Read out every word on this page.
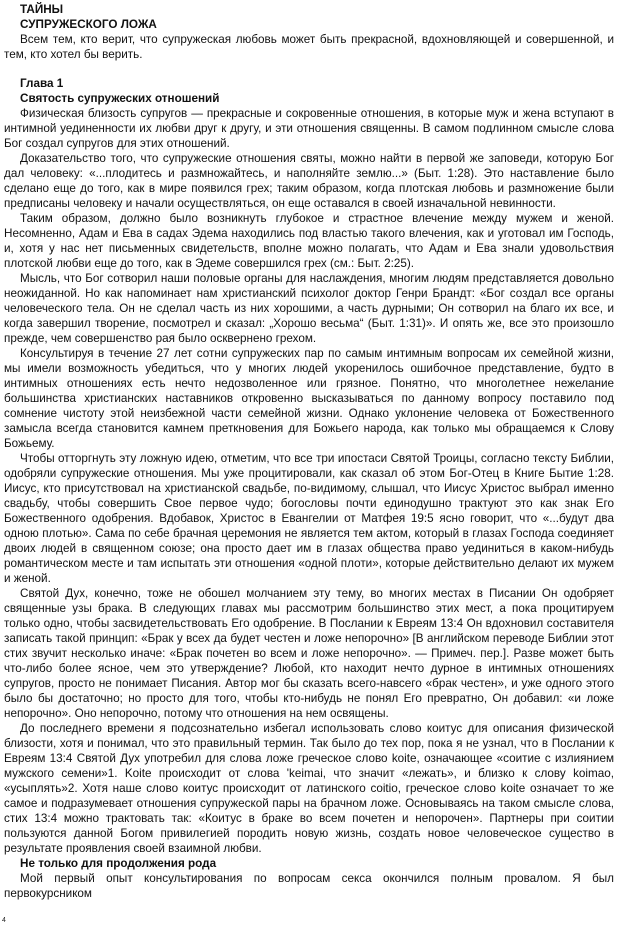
ТАЙНЫ
СУПРУЖЕСКОГО ЛОЖА

Всем тем, кто верит, что супружеская любовь может быть прекрасной, вдохновляющей и совершенной, и тем, кто хотел бы верить.

Глава 1
Святость супружеских отношений

Физическая близость супругов — прекрасные и сокровенные отношения, в которые муж и жена вступают в интимной уединенности их любви друг к другу, и эти отношения священны. В самом подлинном смысле слова Бог создал супругов для этих отношений.

Доказательство того, что супружеские отношения святы, можно найти в первой же заповеди, которую Бог дал человеку: «...плодитесь и размножайтесь, и наполняйте землю...» (Быт. 1:28). Это наставление было сделано еще до того, как в мире появился грех; таким образом, когда плотская любовь и размножение были предписаны человеку и начали осуществляться, он еще оставался в своей изначальной невинности.

Таким образом, должно было возникнуть глубокое и страстное влечение между мужем и женой. Несомненно, Адам и Ева в садах Эдема находились под властью такого влечения, как и уготовал им Господь, и, хотя у нас нет письменных свидетельств, вполне можно полагать, что Адам и Ева знали удовольствия плотской любви еще до того, как в Эдеме совершился грех (см.: Быт. 2:25).

Мысль, что Бог сотворил наши половые органы для наслаждения, многим людям представляется довольно неожиданной. Но как напоминает нам христианский психолог доктор Генри Брандт: «Бог создал все органы человеческого тела. Он не сделал часть из них хорошими, а часть дурными; Он сотворил на благо их все, и когда завершил творение, посмотрел и сказал: „Хорошо весьма“ (Быт. 1:31)». И опять же, все это произошло прежде, чем совершенство рая было осквернено грехом.

Консультируя в течение 27 лет сотни супружеских пар по самым интимным вопросам их семейной жизни, мы имели возможность убедиться, что у многих людей укоренилось ошибочное представление, будто в интимных отношениях есть нечто недозволенное или грязное. Понятно, что многолетнее нежелание большинства христианских наставников откровенно высказываться по данному вопросу поставило под сомнение чистоту этой неизбежной части семейной жизни. Однако уклонение человека от Божественного замысла всегда становится камнем преткновения для Божьего народа, как только мы обращаемся к Слову Божьему.

Чтобы отторгнуть эту ложную идею, отметим, что все три ипостаси Святой Троицы, согласно тексту Библии, одобряли супружеские отношения. Мы уже процитировали, как сказал об этом Бог-Отец в Книге Бытие 1:28. Иисус, кто присутствовал на христианской свадьбе, по-видимому, слышал, что Иисус Христос выбрал именно свадьбу, чтобы совершить Свое первое чудо; богословы почти единодушно трактуют это как знак Его Божественного одобрения. Вдобавок, Христос в Евангелии от Матфея 19:5 ясно говорит, что «...будут два одною плотью». Сама по себе брачная церемония не является тем актом, который в глазах Господа соединяет двоих людей в священном союзе; она просто дает им в глазах общества право уединиться в каком-нибудь романтическом месте и там испытать эти отношения «одной плоти», которые действительно делают их мужем и женой.

Святой Дух, конечно, тоже не обошел молчанием эту тему, во многих местах в Писании Он одобряет священные узы брака. В следующих главах мы рассмотрим большинство этих мест, а пока процитируем только одно, чтобы засвидетельствовать Его одобрение. В Послании к Евреям 13:4 Он вдохновил составителя записать такой принцип: «Брак у всех да будет честен и ложе непорочно» [В английском переводе Библии этот стих звучит несколько иначе: «Брак почетен во всем и ложе непорочно». — Примеч. пер.]. Разве может быть что-либо более ясное, чем это утверждение? Любой, кто находит нечто дурное в интимных отношениях супругов, просто не понимает Писания. Автор мог бы сказать всего-навсего «брак честен», и уже одного этого было бы достаточно; но просто для того, чтобы кто-нибудь не понял Его превратно, Он добавил: «и ложе непорочно». Оно непорочно, потому что отношения на нем освящены.

До последнего времени я подсознательно избегал использовать слово коитус для описания физической близости, хотя и понимал, что это правильный термин. Так было до тех пор, пока я не узнал, что в Послании к Евреям 13:4 Святой Дух употребил для слова ложе греческое слово koite, означающее «соитие с излиянием мужского семени»1. Koite происходит от слова 'keimai, что значит «лежать», и близко к слову koimao, «усыплять»2. Хотя наше слово коитус происходит от латинского coitio, греческое слово koite означает то же самое и подразумевает отношения супружеской пары на брачном ложе. Основываясь на таком смысле слова, стих 13:4 можно трактовать так: «Коитус в браке во всем почетен и непорочен». Партнеры при соитии пользуются данной Богом привилегией породить новую жизнь, создать новое человеческое существо в результате проявления своей взаимной любви.

Не только для продолжения рода

Мой первый опыт консультирования по вопросам секса окончился полным провалом. Я был первокурсником

4
